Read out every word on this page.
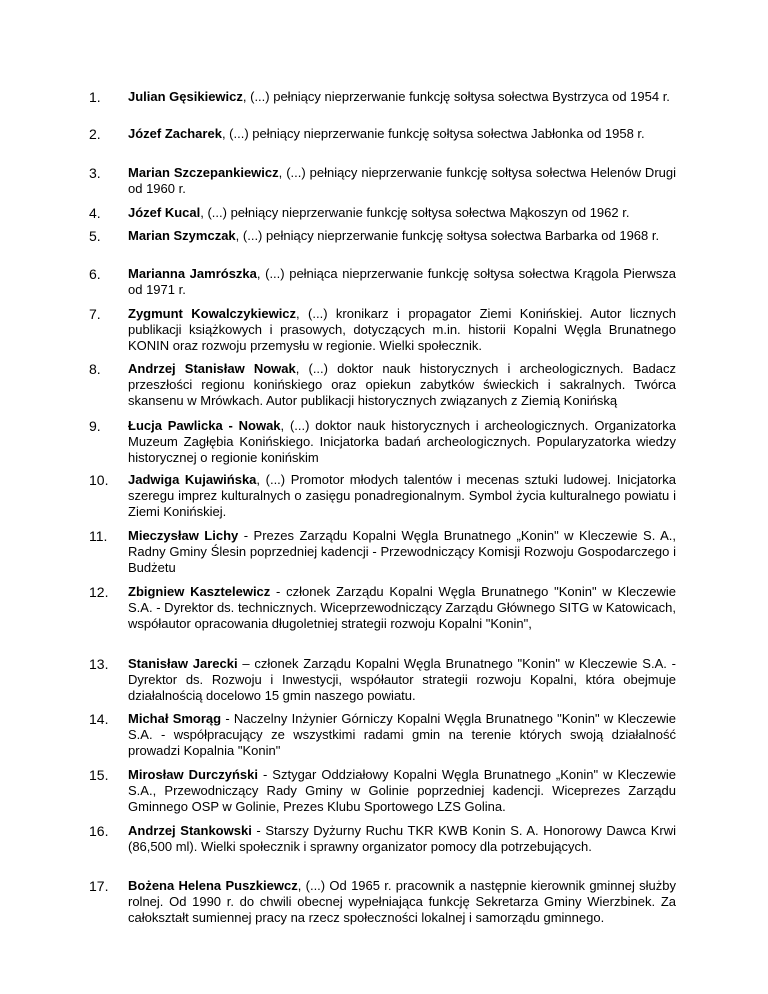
1. Julian Gęsikiewicz, (...) pełniący nieprzerwanie funkcję sołtysa sołectwa Bystrzyca od 1954 r.
2. Józef Zacharek, (...) pełniący nieprzerwanie funkcję sołtysa sołectwa Jabłonka od 1958 r.
3. Marian Szczepankiewicz, (...) pełniący nieprzerwanie funkcję sołtysa sołectwa Helenów Drugi od 1960 r.
4. Józef Kucal, (...) pełniący nieprzerwanie funkcję sołtysa sołectwa Mąkoszyn od 1962 r.
5. Marian Szymczak, (...) pełniący nieprzerwanie funkcję sołtysa sołectwa Barbarka od 1968 r.
6. Marianna Jamrószka, (...) pełniąca nieprzerwanie funkcję sołtysa sołectwa Krągola Pierwsza od 1971 r.
7. Zygmunt Kowalczykiewicz, (...) kronikarz i propagator Ziemi Konińskiej. Autor licznych publikacji książkowych i prasowych, dotyczących m.in. historii Kopalni Węgla Brunatnego KONIN oraz rozwoju przemysłu w regionie. Wielki społecznik.
8. Andrzej Stanisław Nowak, (...) doktor nauk historycznych i archeologicznych. Badacz przeszłości regionu konińskiego oraz opiekun zabytków świeckich i sakralnych. Twórca skansenu w Mrówkach. Autor publikacji historycznych związanych z Ziemią Konińską
9. Łucja Pawlicka - Nowak, (...) doktor nauk historycznych i archeologicznych. Organizatorka Muzeum Zagłębia Konińskiego. Inicjatorka badań archeologicznych. Popularyzatorka wiedzy historycznej o regionie konińskim
10. Jadwiga Kujawińska, (...) Promotor młodych talentów i mecenas sztuki ludowej. Inicjatorka szeregu imprez kulturalnych o zasięgu ponadregionalnym. Symbol życia kulturalnego powiatu i Ziemi Konińskiej.
11. Mieczysław Lichy - Prezes Zarządu Kopalni Węgla Brunatnego „Konin" w Kleczewie S. A., Radny Gminy Ślesin poprzedniej kadencji - Przewodniczący Komisji Rozwoju Gospodarczego i Budżetu
12. Zbigniew Kasztelewicz - członek Zarządu Kopalni Węgla Brunatnego "Konin" w Kleczewie S.A. - Dyrektor ds. technicznych. Wiceprzewodniczący Zarządu Głównego SITG w Katowicach, współautor opracowania długoletniej strategii rozwoju Kopalni "Konin",
13. Stanisław Jarecki – członek Zarządu Kopalni Węgla Brunatnego "Konin" w Kleczewie S.A. - Dyrektor ds. Rozwoju i Inwestycji, współautor strategii rozwoju Kopalni, która obejmuje działalnością docelowo 15 gmin naszego powiatu.
14. Michał Smorąg - Naczelny Inżynier Górniczy Kopalni Węgla Brunatnego "Konin" w Kleczewie S.A. - współpracujący ze wszystkimi radami gmin na terenie których swoją działalność prowadzi Kopalnia "Konin"
15. Mirosław Durczyński - Sztygar Oddziałowy Kopalni Węgla Brunatnego „Konin" w Kleczewie S.A., Przewodniczący Rady Gminy w Golinie poprzedniej kadencji. Wiceprezes Zarządu Gminnego OSP w Golinie, Prezes Klubu Sportowego LZS Golina.
16. Andrzej Stankowski - Starszy Dyżurny Ruchu TKR KWB Konin S. A. Honorowy Dawca Krwi (86,500 ml). Wielki społecznik i sprawny organizator pomocy dla potrzebujących.
17. Bożena Helena Puszkiewcz, (...) Od 1965 r. pracownik a następnie kierownik gminnej służby rolnej. Od 1990 r. do chwili obecnej wypełniająca funkcję Sekretarza Gminy Wierzbinek. Za całokształt sumiennej pracy na rzecz społeczności lokalnej i samorządu gminnego.
